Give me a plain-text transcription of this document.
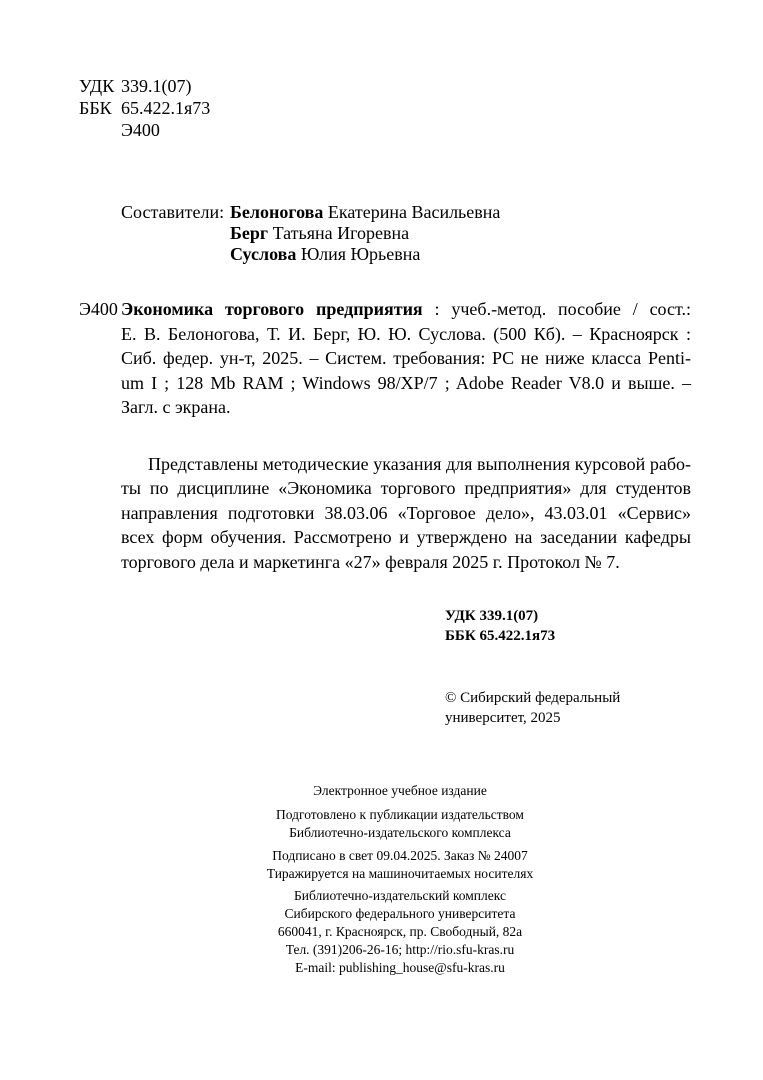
УДК 339.1(07)
ББК 65.422.1я73
Э400
Составители: Белоногова Екатерина Васильевна
Берг Татьяна Игоревна
Суслова Юлия Юрьевна
Э400 Экономика торгового предприятия : учеб.-метод. пособие / сост.:
Е. В. Белоногова, Т. И. Берг, Ю. Ю. Суслова. (500 Кб). – Красноярск :
Сиб. федер. ун-т, 2025. – Систем. требования: PC не ниже класса Penti-
um I ; 128 Mb RAM ; Windows 98/XP/7 ; Adobe Reader V8.0 и выше. –
Загл. с экрана.
Представлены методические указания для выполнения курсовой рабо-
ты по дисциплине «Экономика торгового предприятия» для студентов
направления подготовки 38.03.06 «Торговое дело», 43.03.01 «Сервис»
всех форм обучения. Рассмотрено и утверждено на заседании кафедры
торгового дела и маркетинга «27» февраля 2025 г. Протокол № 7.
УДК 339.1(07)
ББК 65.422.1я73
© Сибирский федеральный
университет, 2025
Электронное учебное издание
Подготовлено к публикации издательством
Библиотечно-издательского комплекса
Подписано в свет 09.04.2025. Заказ № 24007
Тиражируется на машиночитаемых носителях
Библиотечно-издательский комплекс
Сибирского федерального университета
660041, г. Красноярск, пр. Свободный, 82а
Тел. (391)206-26-16; http://rio.sfu-kras.ru
E-mail: publishing_house@sfu-kras.ru
